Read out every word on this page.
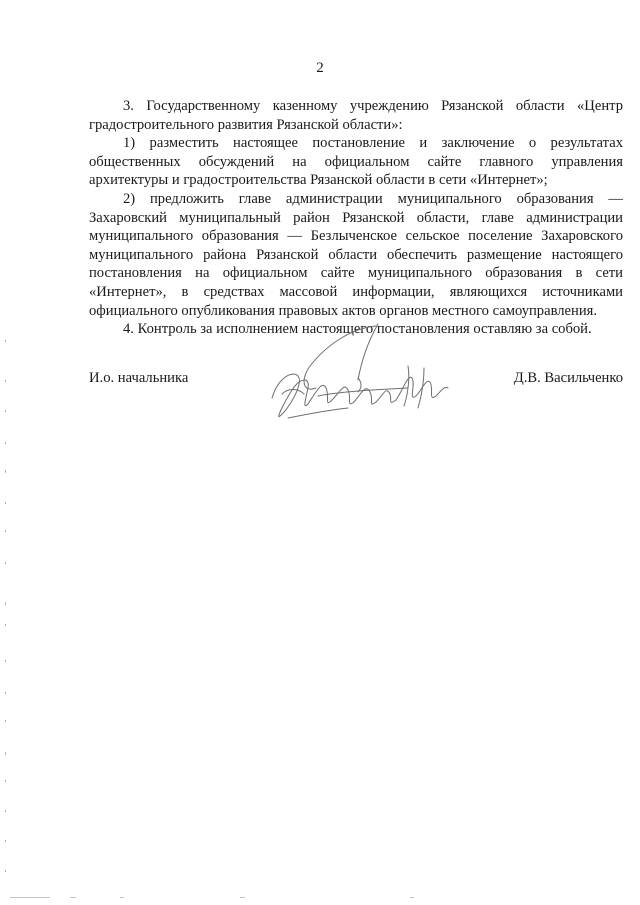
2

3. Государственному казенному учреждению Рязанской области «Центр

градостроительного развития Рязанской области»:

1) разместить настоящее постановление и заключение о результатах

общественных обсуждений на официальном сайте главного управления

архитектуры и градостроительства Рязанской области в сети «Интернет»;

2) предложить главе администрации муниципального образования —

Захаровский муниципальный район Рязанской области, главе администрации

муниципального образования — Безлыченское сельское поселение Захаровского

муниципального района Рязанской области обеспечить размещение настоящего

постановления на официальном сайте муниципального образования в сети

«Интернет», в средствах массовой информации, являющихся источниками

официального опубликования правовых актов органов местного самоуправления.

4. Контроль за исполнением настоящего постановления оставляю за собой.

И.о. начальника	Д.В. Васильченко
